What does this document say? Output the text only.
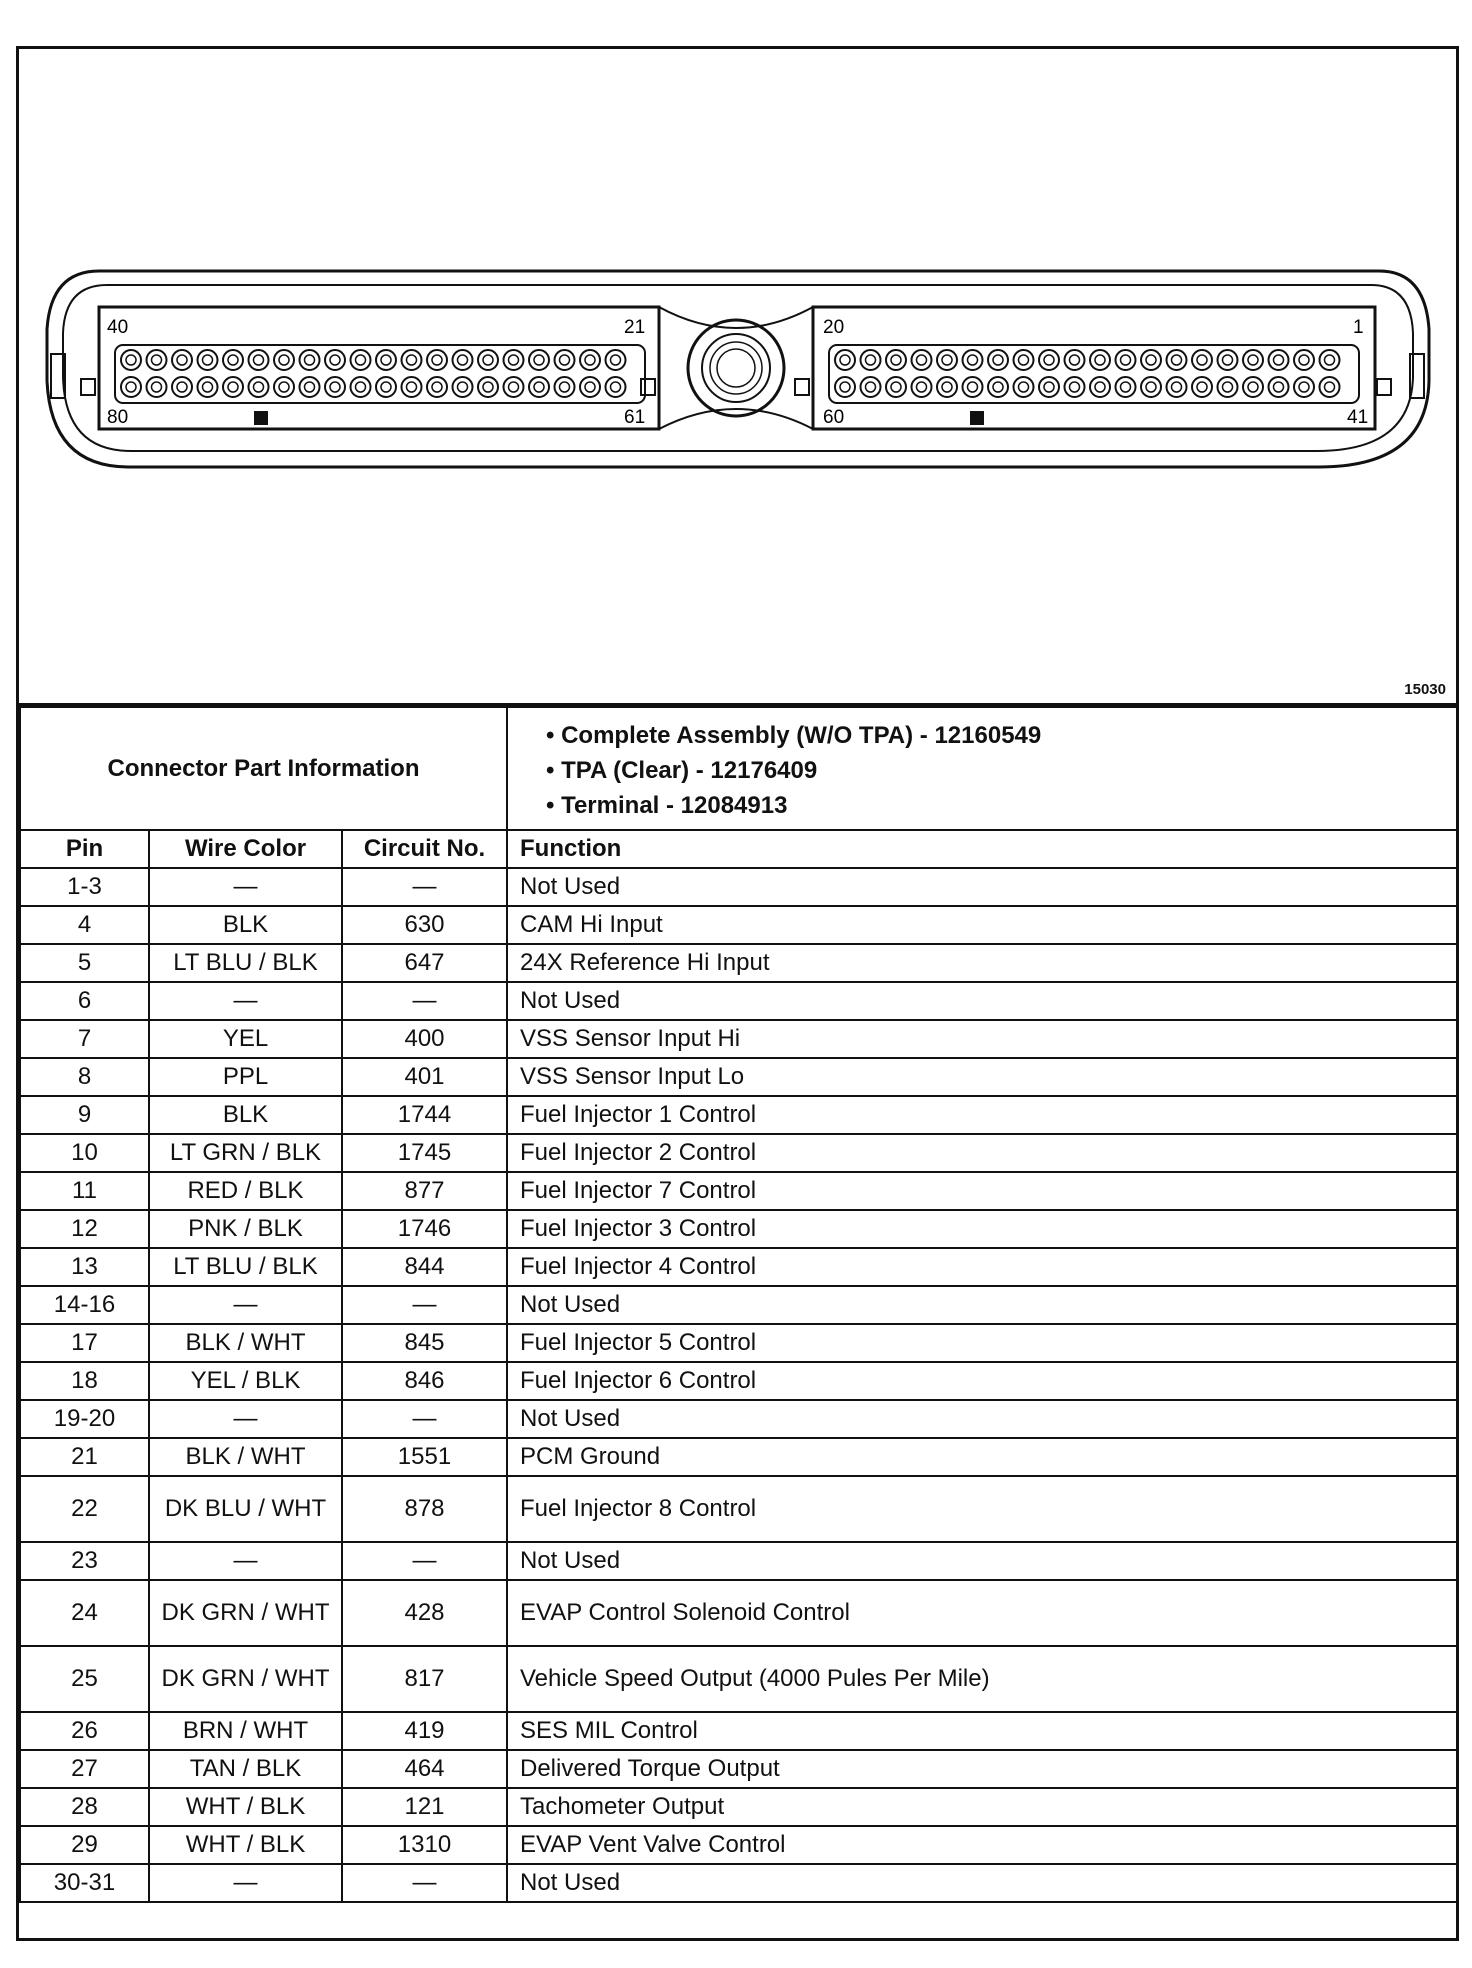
40	21
80	61
20	1
60	41
15030
Connector Part Information			• Complete Assembly (W/O TPA) - 12160549
• TPA (Clear) - 12176409
• Terminal - 12084913

Pin	Wire Color	Circuit No.	Function
1-3	—	—	Not Used
4	BLK	630	CAM Hi Input
5	LT BLU / BLK	647	24X Reference Hi Input
6	—	—	Not Used
7	YEL	400	VSS Sensor Input Hi
8	PPL	401	VSS Sensor Input Lo
9	BLK	1744	Fuel Injector 1 Control
10	LT GRN / BLK	1745	Fuel Injector 2 Control
11	RED / BLK	877	Fuel Injector 7 Control
12	PNK / BLK	1746	Fuel Injector 3 Control
13	LT BLU / BLK	844	Fuel Injector 4 Control
14-16	—	—	Not Used
17	BLK / WHT	845	Fuel Injector 5 Control
18	YEL / BLK	846	Fuel Injector 6 Control
19-20	—	—	Not Used
21	BLK / WHT	1551	PCM Ground
22	DK BLU / WHT	878	Fuel Injector 8 Control
23	—	—	Not Used
24	DK GRN / WHT	428	EVAP Control Solenoid Control
25	DK GRN / WHT	817	Vehicle Speed Output (4000 Pules Per Mile)
26	BRN / WHT	419	SES MIL Control
27	TAN / BLK	464	Delivered Torque Output
28	WHT / BLK	121	Tachometer Output
29	WHT / BLK	1310	EVAP Vent Valve Control
30-31	—	—	Not Used
